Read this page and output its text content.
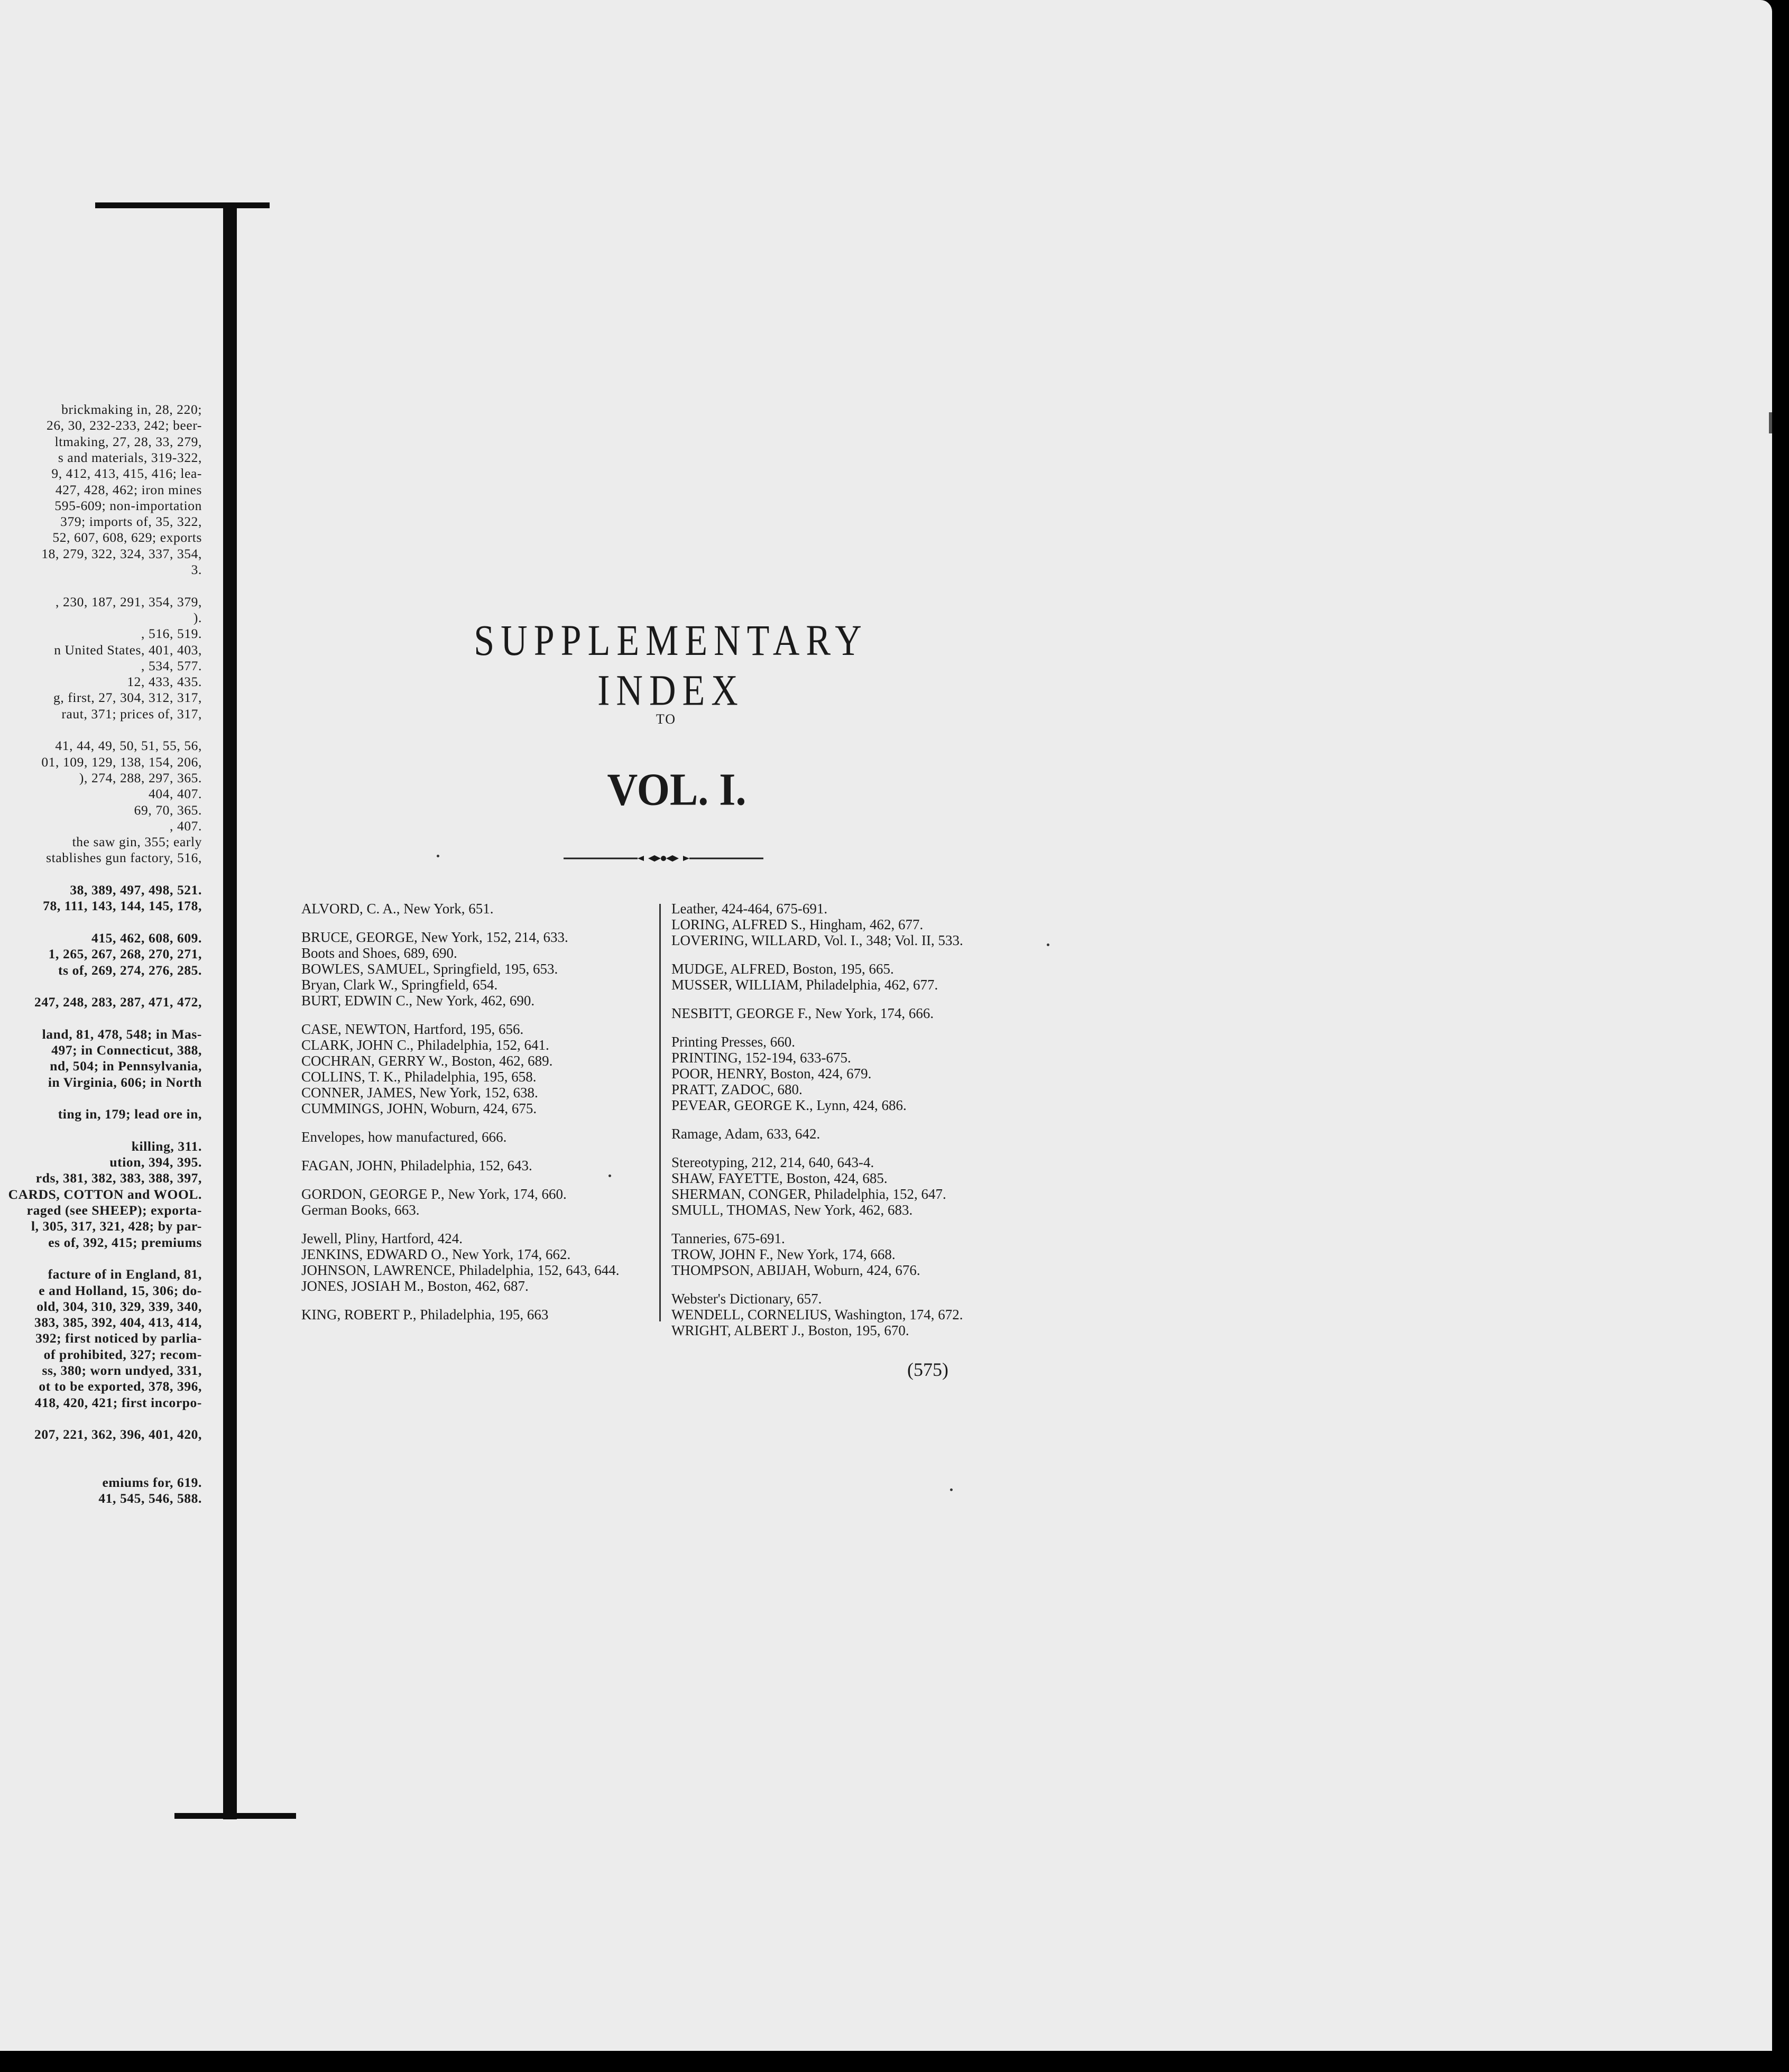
brickmaking in, 28, 220;
26, 30, 232-233, 242; beer-
ltmaking, 27, 28, 33, 279,
s and materials, 319-322,
9, 412, 413, 415, 416; lea-
427, 428, 462; iron mines
595-609; non-importation
379; imports of, 35, 322,
52, 607, 608, 629; exports
18, 279, 322, 324, 337, 354,
3.
, 230, 187, 291, 354, 379,
).
, 516, 519.
n United States, 401, 403,
, 534, 577.
12, 433, 435.
g, first, 27, 304, 312, 317,
raut, 371; prices of, 317,
41, 44, 49, 50, 51, 55, 56,
01, 109, 129, 138, 154, 206,
), 274, 288, 297, 365.
404, 407.
69, 70, 365.
, 407.
the saw gin, 355; early
stablishes gun factory, 516,
38, 389, 497, 498, 521.
78, 111, 143, 144, 145, 178,
415, 462, 608, 609.
1, 265, 267, 268, 270, 271,
ts of, 269, 274, 276, 285.
247, 248, 283, 287, 471, 472,
land, 81, 478, 548; in Mas-
497; in Connecticut, 388,
nd, 504; in Pennsylvania,
in Virginia, 606; in North
ting in, 179; lead ore in,
killing, 311.
ution, 394, 395.
rds, 381, 382, 383, 388, 397,
CARDS, COTTON and WOOL.
raged (see SHEEP); exporta-
l, 305, 317, 321, 428; by par-
es of, 392, 415; premiums
facture of in England, 81,
e and Holland, 15, 306; do-
old, 304, 310, 329, 339, 340,
383, 385, 392, 404, 413, 414,
392; first noticed by parlia-
of prohibited, 327; recom-
ss, 380; worn undyed, 331,
ot to be exported, 378, 396,
418, 420, 421; first incorpo-
207, 221, 362, 396, 401, 420,
emiums for, 619.
41, 545, 546, 588.
SUPPLEMENTARY INDEX
TO
VOL. I.
ALVORD, C. A., New York, 651.
BRUCE, GEORGE, New York, 152, 214, 633.
Boots and Shoes, 689, 690.
BOWLES, SAMUEL, Springfield, 195, 653.
Bryan, Clark W., Springfield, 654.
BURT, EDWIN C., New York, 462, 690.
CASE, NEWTON, Hartford, 195, 656.
CLARK, JOHN C., Philadelphia, 152, 641.
COCHRAN, GERRY W., Boston, 462, 689.
COLLINS, T. K., Philadelphia, 195, 658.
CONNER, JAMES, New York, 152, 638.
CUMMINGS, JOHN, Woburn, 424, 675.
Envelopes, how manufactured, 666.
FAGAN, JOHN, Philadelphia, 152, 643.
GORDON, GEORGE P., New York, 174, 660.
German Books, 663.
Jewell, Pliny, Hartford, 424.
JENKINS, EDWARD O., New York, 174, 662.
JOHNSON, LAWRENCE, Philadelphia, 152, 643, 644.
JONES, JOSIAH M., Boston, 462, 687.
KING, ROBERT P., Philadelphia, 195, 663
Leather, 424-464, 675-691.
LORING, ALFRED S., Hingham, 462, 677.
LOVERING, WILLARD, Vol. I., 348; Vol. II, 533.
MUDGE, ALFRED, Boston, 195, 665.
MUSSER, WILLIAM, Philadelphia, 462, 677.
NESBITT, GEORGE F., New York, 174, 666.
Printing Presses, 660.
PRINTING, 152-194, 633-675.
POOR, HENRY, Boston, 424, 679.
PRATT, ZADOC, 680.
PEVEAR, GEORGE K., Lynn, 424, 686.
Ramage, Adam, 633, 642.
Stereotyping, 212, 214, 640, 643-4.
SHAW, FAYETTE, Boston, 424, 685.
SHERMAN, CONGER, Philadelphia, 152, 647.
SMULL, THOMAS, New York, 462, 683.
Tanneries, 675-691.
TROW, JOHN F., New York, 174, 668.
THOMPSON, ABIJAH, Woburn, 424, 676.
Webster's Dictionary, 657.
WENDELL, CORNELIUS, Washington, 174, 672.
WRIGHT, ALBERT J., Boston, 195, 670.
(575)
